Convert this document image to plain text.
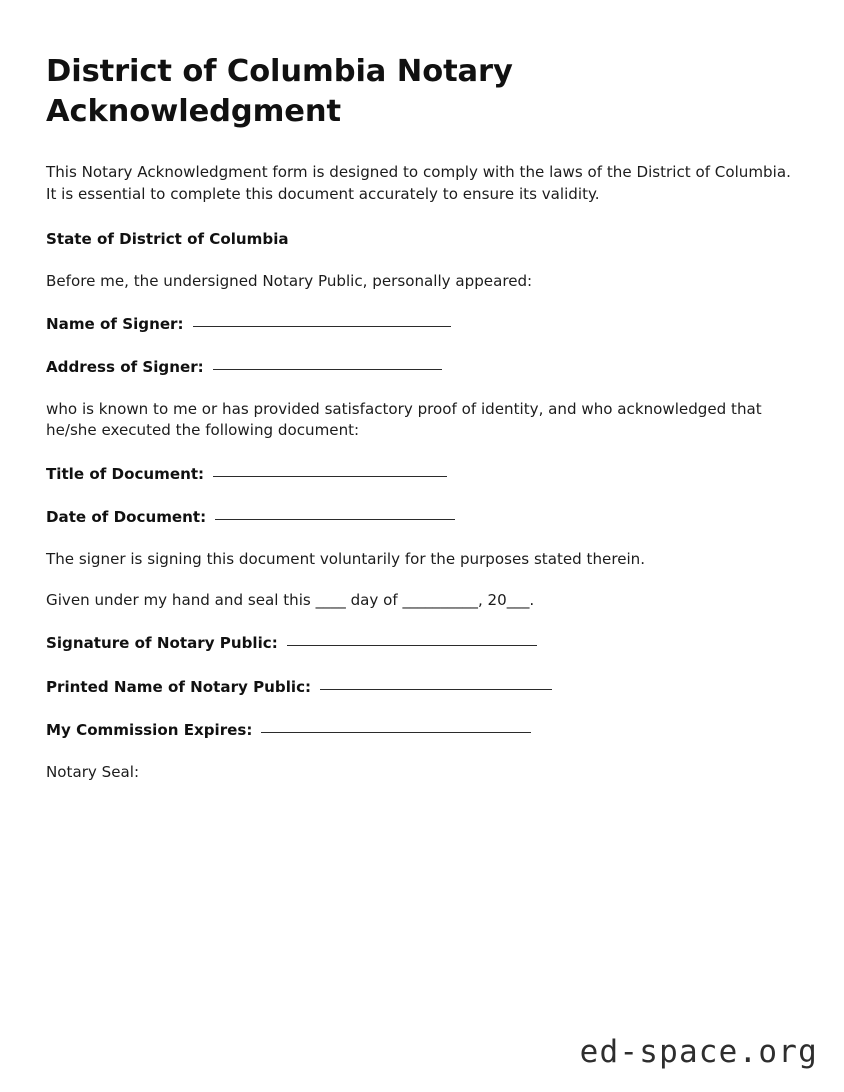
District of Columbia Notary Acknowledgment

This Notary Acknowledgment form is designed to comply with the laws of the District of Columbia. It is essential to complete this document accurately to ensure its validity.

State of District of Columbia

Before me, the undersigned Notary Public, personally appeared:

Name of Signer:
Address of Signer:

who is known to me or has provided satisfactory proof of identity, and who acknowledged that he/she executed the following document:

Title of Document:
Date of Document:

The signer is signing this document voluntarily for the purposes stated therein.

Given under my hand and seal this ____ day of __________, 20___.

Signature of Notary Public:
Printed Name of Notary Public:
My Commission Expires:

Notary Seal:

ed-space.org
